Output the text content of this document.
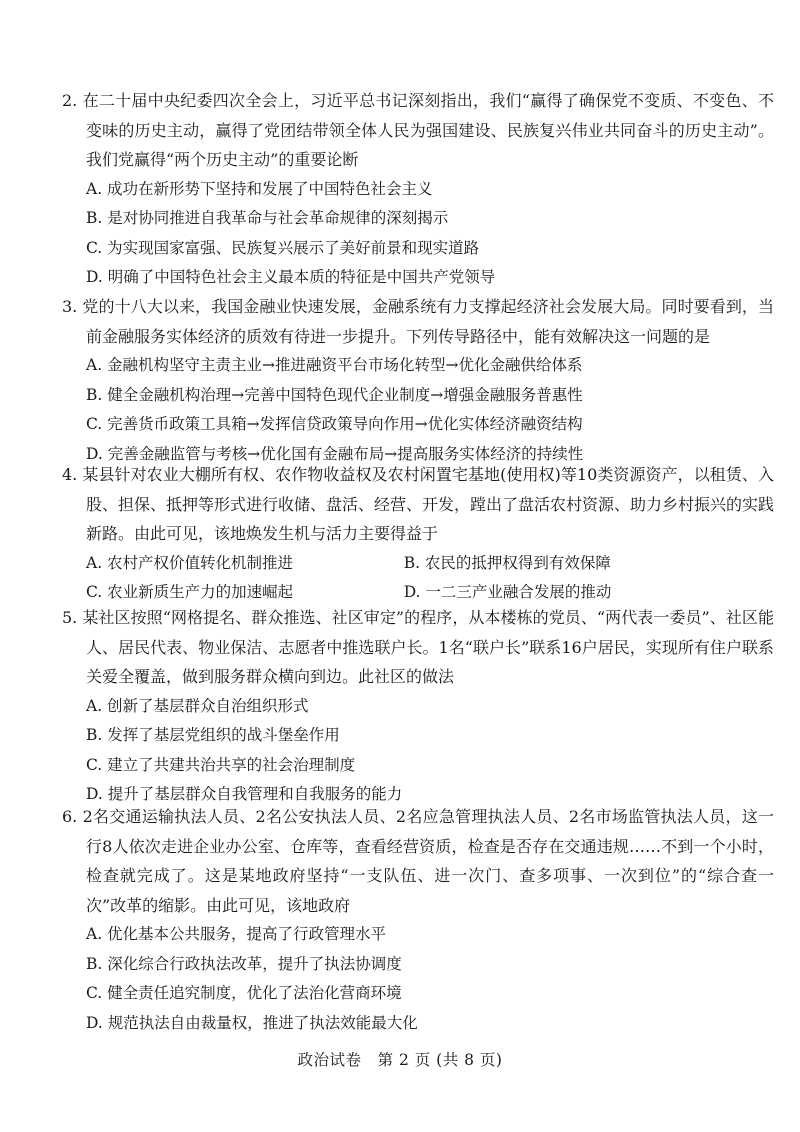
2. 在二十届中央纪委四次全会上，习近平总书记深刻指出，我们“赢得了确保党不变质、不变色、不变味的历史主动，赢得了党团结带领全体人民为强国建设、民族复兴伟业共同奋斗的历史主动”。我们党赢得“两个历史主动”的重要论断

A. 成功在新形势下坚持和发展了中国特色社会主义

B. 是对协同推进自我革命与社会革命规律的深刻揭示

C. 为实现国家富强、民族复兴展示了美好前景和现实道路

D. 明确了中国特色社会主义最本质的特征是中国共产党领导

3. 党的十八大以来，我国金融业快速发展，金融系统有力支撑起经济社会发展大局。同时要看到，当前金融服务实体经济的质效有待进一步提升。下列传导路径中，能有效解决这一问题的是

A. 金融机构坚守主责主业→推进融资平台市场化转型→优化金融供给体系

B. 健全金融机构治理→完善中国特色现代企业制度→增强金融服务普惠性

C. 完善货币政策工具箱→发挥信贷政策导向作用→优化实体经济融资结构

D. 完善金融监管与考核→优化国有金融布局→提高服务实体经济的持续性

4. 某县针对农业大棚所有权、农作物收益权及农村闲置宅基地(使用权)等10类资源资产，以租赁、入股、担保、抵押等形式进行收储、盘活、经营、开发，蹚出了盘活农村资源、助力乡村振兴的实践新路。由此可见，该地焕发生机与活力主要得益于

A. 农村产权价值转化机制推进	B. 农民的抵押权得到有效保障

C. 农业新质生产力的加速崛起	D. 一二三产业融合发展的推动

5. 某社区按照“网格提名、群众推选、社区审定”的程序，从本楼栋的党员、“两代表一委员”、社区能人、居民代表、物业保洁、志愿者中推选联户长。1名“联户长”联系16户居民，实现所有住户联系关爱全覆盖，做到服务群众横向到边。此社区的做法

A. 创新了基层群众自治组织形式

B. 发挥了基层党组织的战斗堡垒作用

C. 建立了共建共治共享的社会治理制度

D. 提升了基层群众自我管理和自我服务的能力

6. 2名交通运输执法人员、2名公安执法人员、2名应急管理执法人员、2名市场监管执法人员，这一行8人依次走进企业办公室、仓库等，查看经营资质，检查是否存在交通违规……不到一个小时，检查就完成了。这是某地政府坚持“一支队伍、进一次门、查多项事、一次到位”的“综合查一次”改革的缩影。由此可见，该地政府

A. 优化基本公共服务，提高了行政管理水平

B. 深化综合行政执法改革，提升了执法协调度

C. 健全责任追究制度，优化了法治化营商环境

D. 规范执法自由裁量权，推进了执法效能最大化

政治试卷　第 2 页 (共 8 页)
